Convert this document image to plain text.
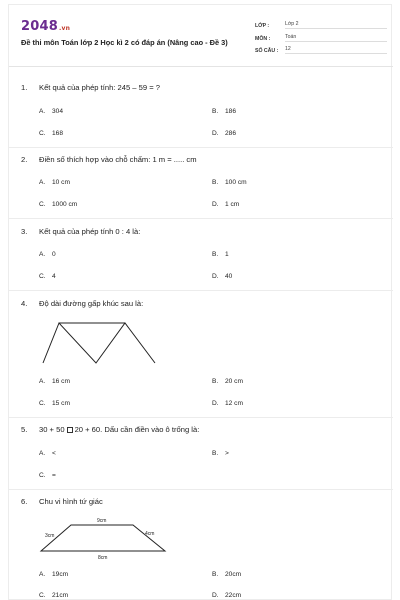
2048.vn
Đề thi môn Toán lớp 2 Học kì 2 có đáp án (Nâng cao - Đề 3)
LỚP :	Lớp 2
MÔN :	Toán
SỐ CÂU :	12
1. Kết quả của phép tính: 245 – 59 = ?
A. 304	B. 186
C. 168	D. 286
2. Điền số thích hợp vào chỗ chấm: 1 m = ..... cm
A. 10 cm	B. 100 cm
C. 1000 cm	D. 1 cm
3. Kết quả của phép tính 0 : 4 là:
A. 0	B. 1
C. 4	D. 40
4. Độ dài đường gấp khúc sau là:
A. 16 cm	B. 20 cm
C. 15 cm	D. 12 cm
5. 30 + 50 20 + 60. Dấu cần điền vào ô trống là:
A. <	B. >
C. =
6. Chu vi hình tứ giác
9cm
3cm	4cm
8cm
A. 19cm	B. 20cm
C. 21cm	D. 22cm
